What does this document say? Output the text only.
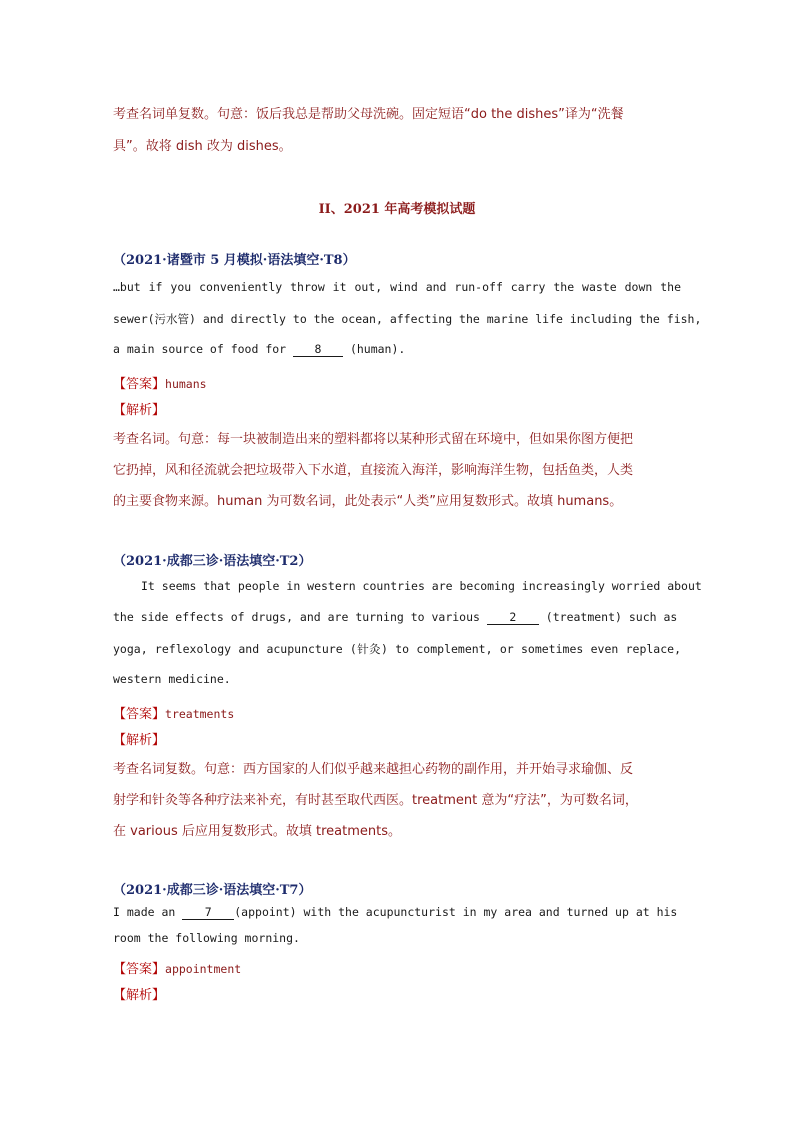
考查名词单复数。句意：饭后我总是帮助父母洗碗。固定短语“do the dishes”译为“洗餐
具”。故将 dish 改为 dishes。
II、2021 年高考模拟试题
（2021·诸暨市 5 月模拟·语法填空·T8）
…but if you conveniently throw it out, wind and run-off carry the waste down the
sewer(污水管) and directly to the ocean, affecting the marine life including the fish,
a main source of food for 8 (human).
【答案】humans
【解析】
考查名词。句意：每一块被制造出来的塑料都将以某种形式留在环境中，但如果你图方便把
它扔掉，风和径流就会把垃圾带入下水道，直接流入海洋，影响海洋生物，包括鱼类，人类
的主要食物来源。human 为可数名词，此处表示“人类”应用复数形式。故填 humans。
（2021·成都三诊·语法填空·T2）
It seems that people in western countries are becoming increasingly worried about
the side effects of drugs, and are turning to various 2 (treatment) such as
yoga, reflexology and acupuncture (针灸) to complement, or sometimes even replace,
western medicine.
【答案】treatments
【解析】
考查名词复数。句意：西方国家的人们似乎越来越担心药物的副作用，并开始寻求瑜伽、反
射学和针灸等各种疗法来补充，有时甚至取代西医。treatment 意为“疗法”，为可数名词，
在 various 后应用复数形式。故填 treatments。
（2021·成都三诊·语法填空·T7）
I made an 7 (appoint) with the acupuncturist in my area and turned up at his
room the following morning.
【答案】appointment
【解析】
